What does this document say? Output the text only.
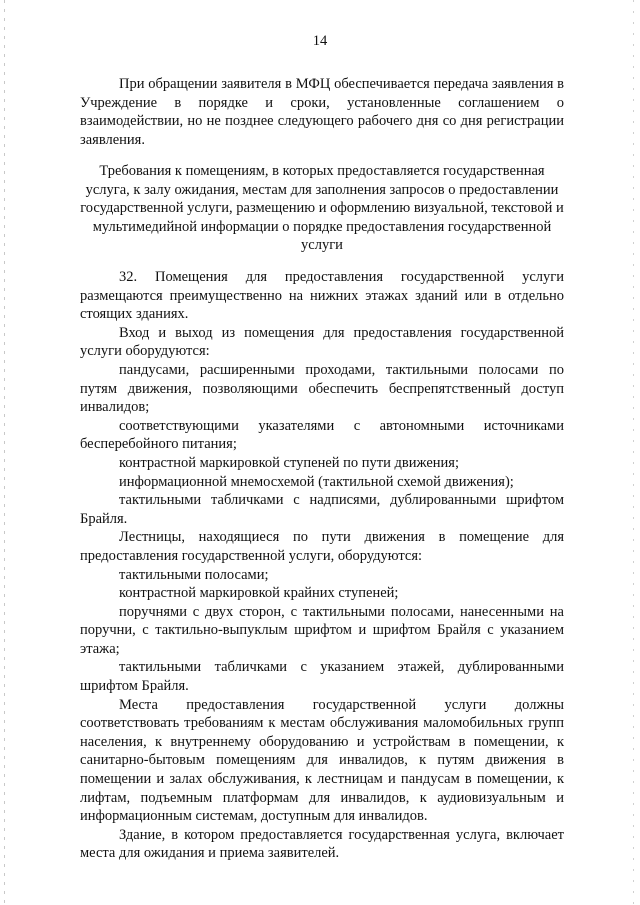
14

При обращении заявителя в МФЦ обеспечивается передача заявления в Учреждение в порядке и сроки, установленные соглашением о взаимодействии, но не позднее следующего рабочего дня со дня регистрации заявления.

Требования к помещениям, в которых предоставляется государственная услуга, к залу ожидания, местам для заполнения запросов о предоставлении государственной услуги, размещению и оформлению визуальной, текстовой и мультимедийной информации о порядке предоставления государственной услуги

32. Помещения для предоставления государственной услуги размещаются преимущественно на нижних этажах зданий или в отдельно стоящих зданиях.

Вход и выход из помещения для предоставления государственной услуги оборудуются:

пандусами, расширенными проходами, тактильными полосами по путям движения, позволяющими обеспечить беспрепятственный доступ инвалидов;

соответствующими указателями с автономными источниками бесперебойного питания;

контрастной маркировкой ступеней по пути движения;

информационной мнемосхемой (тактильной схемой движения);

тактильными табличками с надписями, дублированными шрифтом Брайля.

Лестницы, находящиеся по пути движения в помещение для предоставления государственной услуги, оборудуются:

тактильными полосами;

контрастной маркировкой крайних ступеней;

поручнями с двух сторон, с тактильными полосами, нанесенными на поручни, с тактильно-выпуклым шрифтом и шрифтом Брайля с указанием этажа;

тактильными табличками с указанием этажей, дублированными шрифтом Брайля.

Места предоставления государственной услуги должны соответствовать требованиям к местам обслуживания маломобильных групп населения, к внутреннему оборудованию и устройствам в помещении, к санитарно-бытовым помещениям для инвалидов, к путям движения в помещении и залах обслуживания, к лестницам и пандусам в помещении, к лифтам, подъемным платформам для инвалидов, к аудиовизуальным и информационным системам, доступным для инвалидов.

Здание, в котором предоставляется государственная услуга, включает места для ожидания и приема заявителей.
